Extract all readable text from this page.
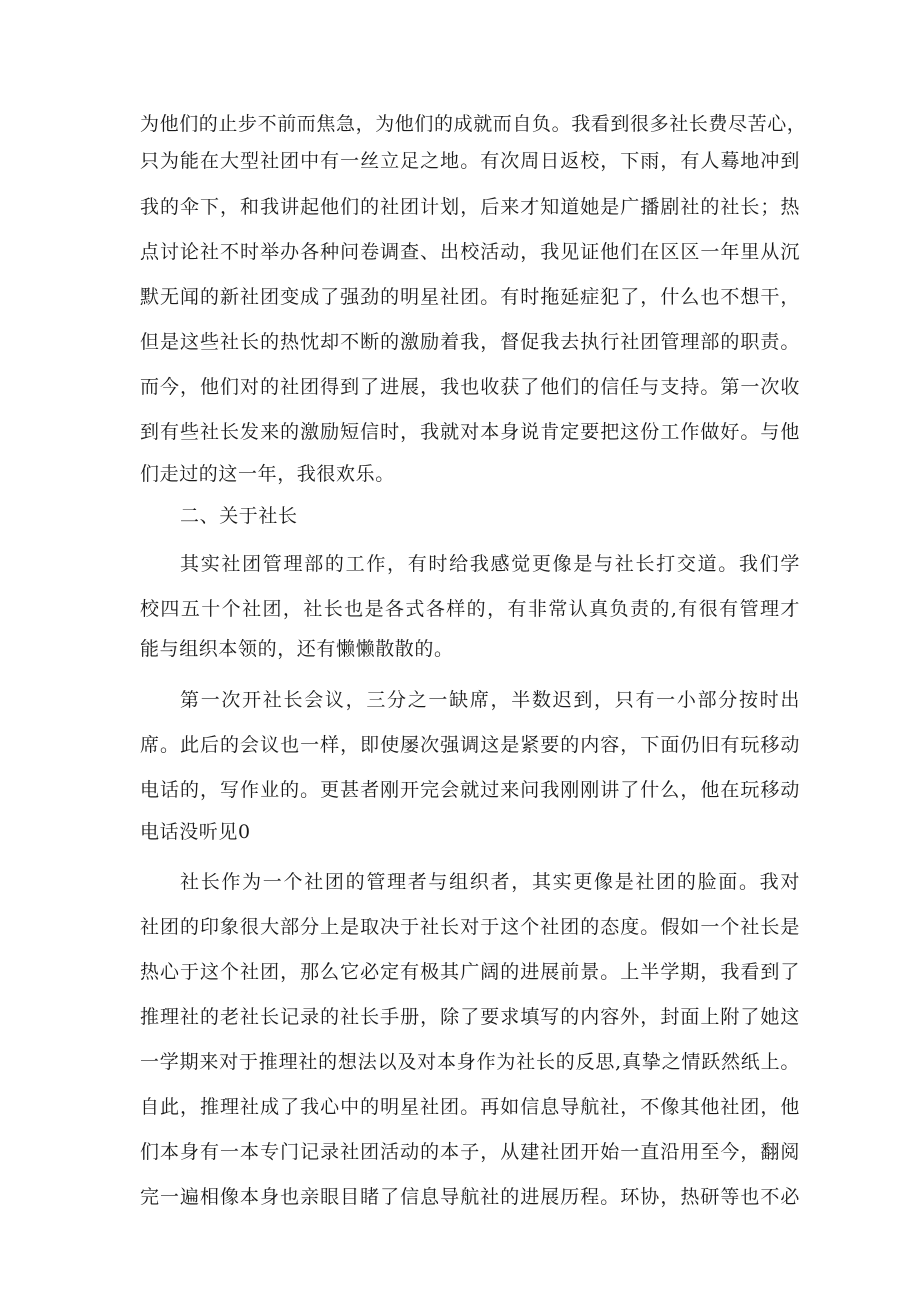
为他们的止步不前而焦急，为他们的成就而自负。我看到很多社长费尽苦心，
只为能在大型社团中有一丝立足之地。有次周日返校，下雨，有人蓦地冲到
我的伞下，和我讲起他们的社团计划，后来才知道她是广播剧社的社长；热
点讨论社不时举办各种问卷调查、出校活动，我见证他们在区区一年里从沉
默无闻的新社团变成了强劲的明星社团。有时拖延症犯了，什么也不想干，
但是这些社长的热忱却不断的激励着我，督促我去执行社团管理部的职责。
而今，他们对的社团得到了进展，我也收获了他们的信任与支持。第一次收
到有些社长发来的激励短信时，我就对本身说肯定要把这份工作做好。与他
们走过的这一年，我很欢乐。
二、关于社长
其实社团管理部的工作，有时给我感觉更像是与社长打交道。我们学
校四五十个社团，社长也是各式各样的，有非常认真负责的,有很有管理才
能与组织本领的，还有懒懒散散的。
第一次开社长会议，三分之一缺席，半数迟到，只有一小部分按时出
席。此后的会议也一样，即使屡次强调这是紧要的内容，下面仍旧有玩移动
电话的，写作业的。更甚者刚开完会就过来问我刚刚讲了什么，他在玩移动
电话没听见0
社长作为一个社团的管理者与组织者，其实更像是社团的脸面。我对
社团的印象很大部分上是取决于社长对于这个社团的态度。假如一个社长是
热心于这个社团，那么它必定有极其广阔的进展前景。上半学期，我看到了
推理社的老社长记录的社长手册，除了要求填写的内容外，封面上附了她这
一学期来对于推理社的想法以及对本身作为社长的反思,真挚之情跃然纸上。
自此，推理社成了我心中的明星社团。再如信息导航社，不像其他社团，他
们本身有一本专门记录社团活动的本子，从建社团开始一直沿用至今，翻阅
完一遍相像本身也亲眼目睹了信息导航社的进展历程。环协，热研等也不必
